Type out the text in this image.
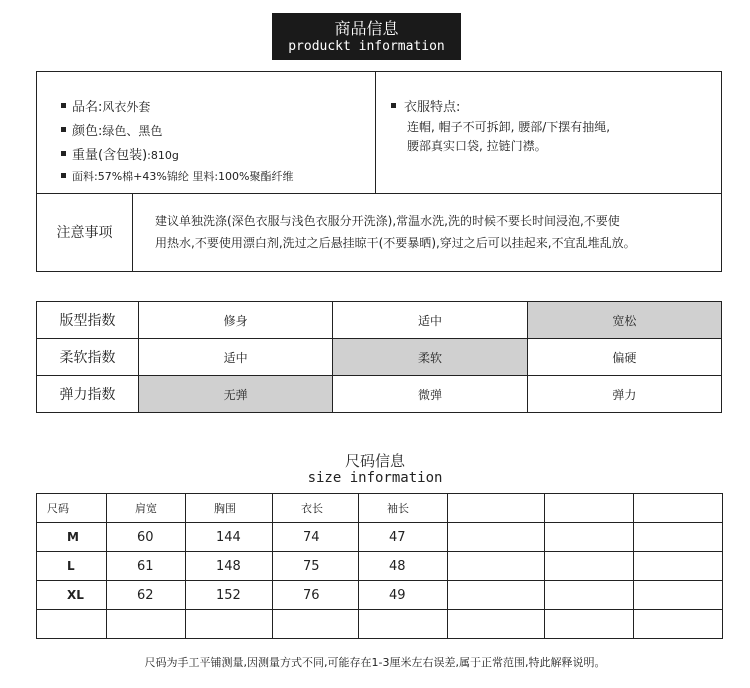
商品信息
produckt information
品名:风衣外套
颜色:绿色、黑色
重量(含包装):810g
面料:57%棉+43%锦纶 里料:100%聚酯纤维
衣服特点:
连帽, 帽子不可拆卸, 腰部/下摆有抽绳,
腰部真实口袋, 拉链门襟。
注意事项
建议单独洗涤(深色衣服与浅色衣服分开洗涤),常温水洗,洗的时候不要长时间浸泡,不要使
用热水,不要使用漂白剂,洗过之后悬挂晾干(不要暴晒),穿过之后可以挂起来,不宜乱堆乱放。
版型指数	修身	适中	宽松
柔软指数	适中	柔软	偏硬
弹力指数	无弹	微弹	弹力
尺码信息
size information
尺码	肩宽	胸围	衣长	袖长			
M	60	144	74	47			
L	61	148	75	48			
XL	62	152	76	49			

尺码为手工平铺测量,因测量方式不同,可能存在1-3厘米左右误差,属于正常范围,特此解释说明。
